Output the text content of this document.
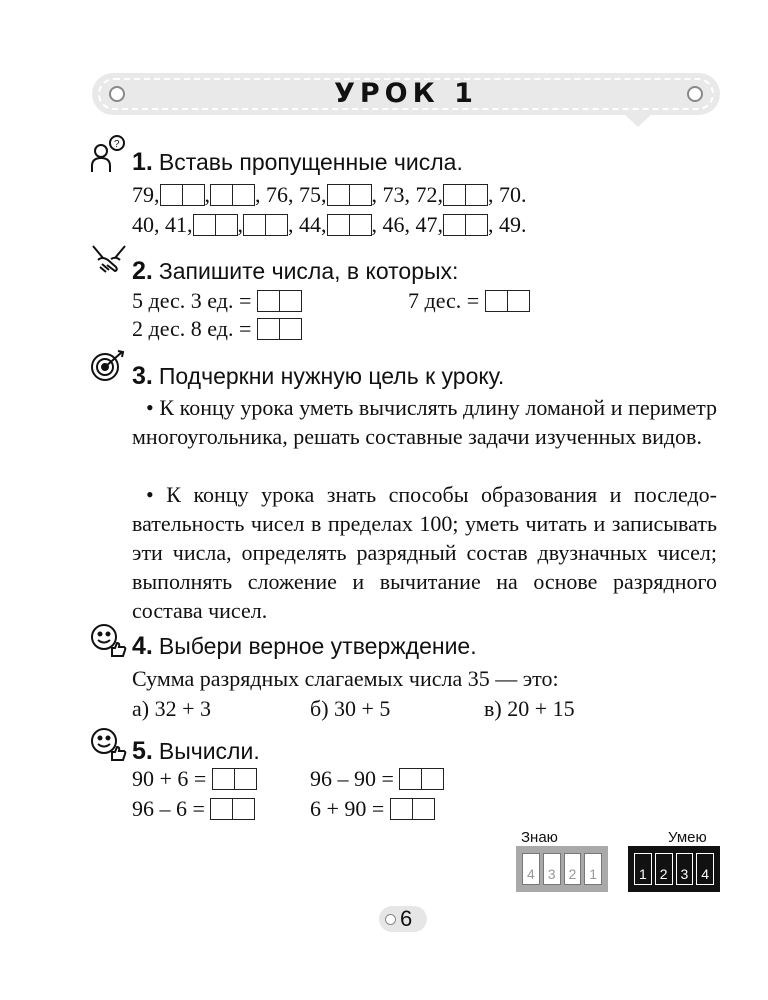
УРОК 1
?
1. Вставь пропущенные числа.
79, , , 76, 75, , 73, 72, , 70.
40, 41, , , 44, , 46, 47, , 49.
2. Запишите числа, в которых:
5 дес. 3 ед. =	7 дес. =
2 дес. 8 ед. =
3. Подчеркни нужную цель к уроку.
• К концу урока уметь вычислять длину ломаной и периметр многоугольника, решать составные задачи изученных видов.
• К концу урока знать способы образования и последовательность чисел в пределах 100; уметь читать и записывать эти числа, определять разрядный состав двузначных чисел; выполнять сложение и вычитание на основе разрядного состава чисел.
4. Выбери верное утверждение.
Сумма разрядных слагаемых числа 35 — это:
а) 32 + 3	б) 30 + 5	в) 20 + 15
5. Вычисли.
90 + 6 =	96 – 90 =
96 – 6 =	6 + 90 =
Знаю
4 3 2 1
Умею
1 2 3 4
6
